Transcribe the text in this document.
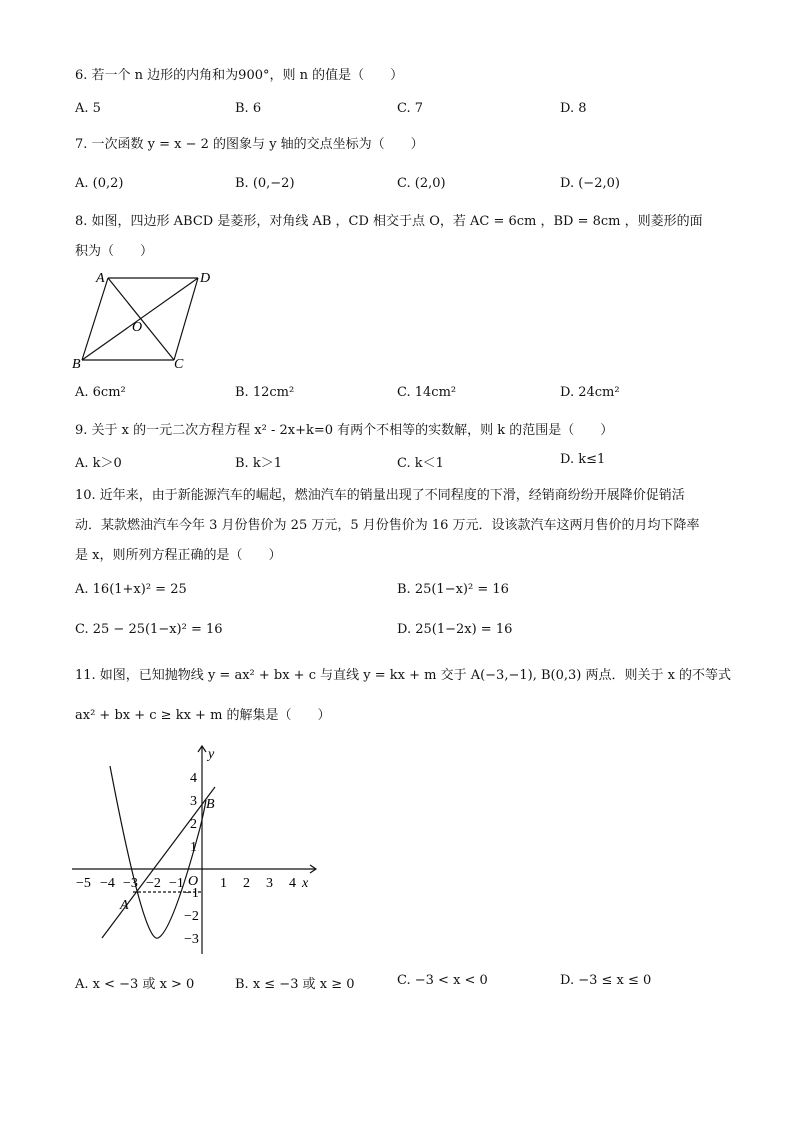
6. 若一个 n 边形的内角和为900°，则 n 的值是（　　）
A. 5	B. 6	C. 7	D. 8
7. 一次函数 y = x − 2 的图象与 y 轴的交点坐标为（　　）
A. (0,2)	B. (0,−2)	C. (2,0)	D. (−2,0)
8. 如图，四边形 ABCD 是菱形，对角线 AB ，CD 相交于点 O，若 AC = 6cm ，BD = 8cm ，则菱形的面
积为（　　）
A	D
B	C
O
A. 6cm²	B. 12cm²	C. 14cm²	D. 24cm²
9. 关于 x 的一元二次方程方程 x² - 2x+k=0 有两个不相等的实数解，则 k 的范围是（　　）
A. k＞0	B. k＞1	C. k＜1	D. k≤1
10. 近年来，由于新能源汽车的崛起，燃油汽车的销量出现了不同程度的下滑，经销商纷纷开展降价促销活
动．某款燃油汽车今年 3 月份售价为 25 万元，5 月份售价为 16 万元．设该款汽车这两月售价的月均下降率
是 x，则所列方程正确的是（　　）
A. 16(1+x)² = 25	B. 25(1−x)² = 16
C. 25 − 25(1−x)² = 16	D. 25(1−2x) = 16
11. 如图，已知抛物线 y = ax² + bx + c 与直线 y = kx + m 交于 A(−3,−1), B(0,3) 两点．则关于 x 的不等式
ax² + bx + c ≥ kx + m 的解集是（　　）
y
x
O
B
A
−5 −4 −3 −2 −1	1 2 3 4
4
3
2
1
−1
−2
−3
A. x < −3 或 x > 0	B. x ≤ −3 或 x ≥ 0	C. −3 < x < 0	D. −3 ≤ x ≤ 0
